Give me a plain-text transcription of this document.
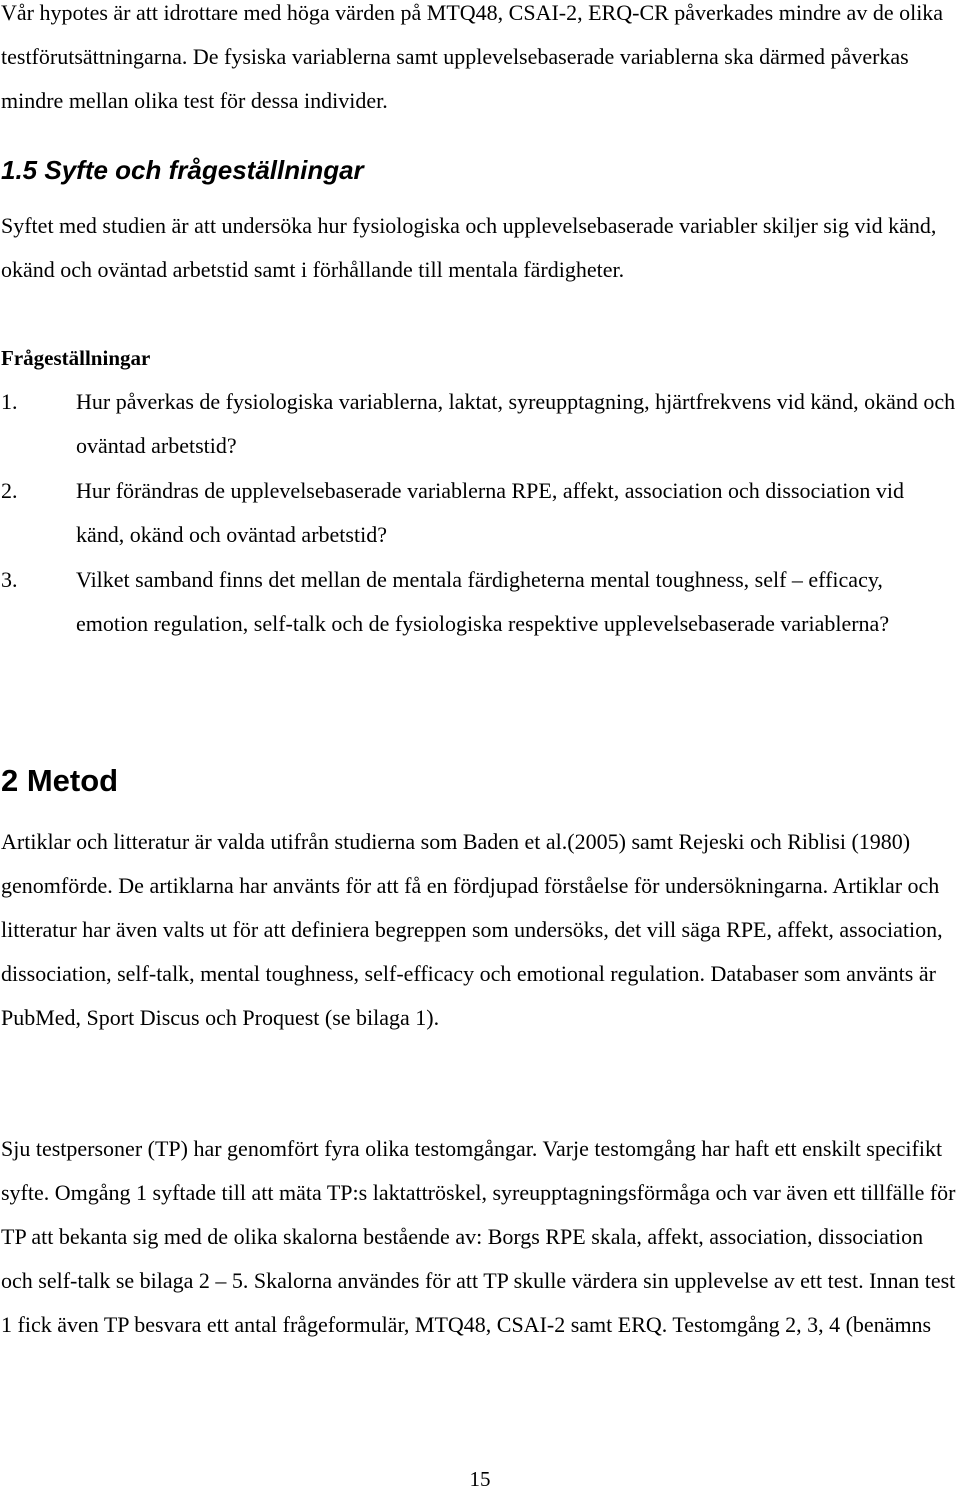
Vår hypotes är att idrottare med höga värden på MTQ48, CSAI-2, ERQ-CR påverkades mindre av de olika testförutsättningarna. De fysiska variablerna samt upplevelsebaserade variablerna ska därmed påverkas mindre mellan olika test för dessa individer.

1.5 Syfte och frågeställningar

Syftet med studien är att undersöka hur fysiologiska och upplevelsebaserade variabler skiljer sig vid känd, okänd och oväntad arbetstid samt i förhållande till mentala färdigheter.

Frågeställningar
1.	Hur påverkas de fysiologiska variablerna, laktat, syreupptagning, hjärtfrekvens vid känd, okänd och oväntad arbetstid?
2.	Hur förändras de upplevelsebaserade variablerna RPE, affekt, association och dissociation vid känd, okänd och oväntad arbetstid?
3.	Vilket samband finns det mellan de mentala färdigheterna mental toughness, self – efficacy, emotion regulation, self-talk och de fysiologiska respektive upplevelsebaserade variablerna?
2 Metod

Artiklar och litteratur är valda utifrån studierna som Baden et al.(2005) samt Rejeski och Riblisi (1980) genomförde. De artiklarna har använts för att få en fördjupad förståelse för undersökningarna. Artiklar och litteratur har även valts ut för att definiera begreppen som undersöks, det vill säga RPE, affekt, association, dissociation, self-talk, mental toughness, self-efficacy och emotional regulation. Databaser som använts är PubMed, Sport Discus och Proquest (se bilaga 1).

Sju testpersoner (TP) har genomfört fyra olika testomgångar. Varje testomgång har haft ett enskilt specifikt syfte. Omgång 1 syftade till att mäta TP:s laktattröskel, syreupptagningsförmåga och var även ett tillfälle för TP att bekanta sig med de olika skalorna bestående av: Borgs RPE skala, affekt, association, dissociation och self-talk se bilaga 2 – 5. Skalorna användes för att TP skulle värdera sin upplevelse av ett test. Innan test 1 fick även TP besvara ett antal frågeformulär, MTQ48, CSAI-2 samt ERQ. Testomgång 2, 3, 4 (benämns

15
